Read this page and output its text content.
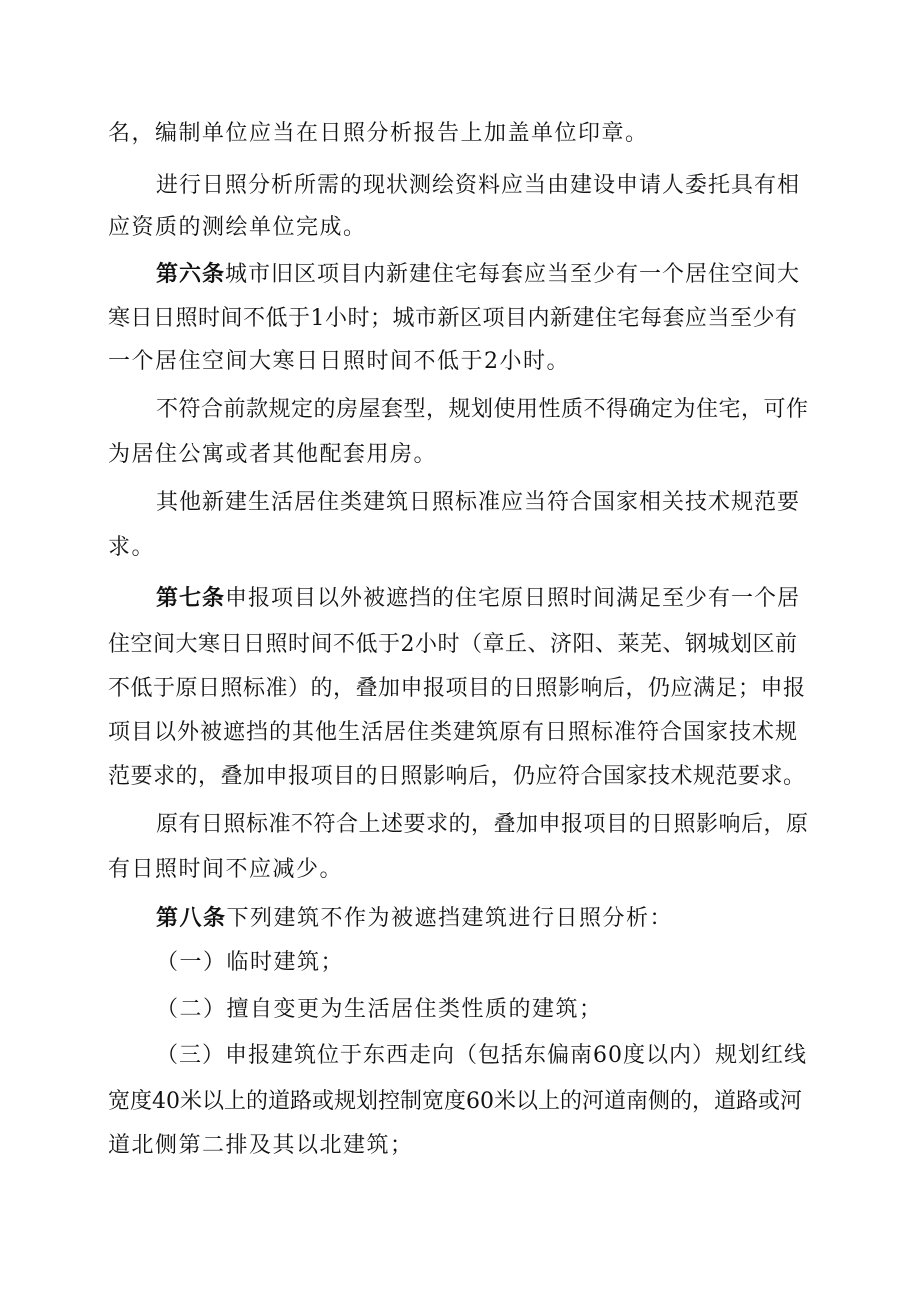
名，编制单位应当在日照分析报告上加盖单位印章。
进行日照分析所需的现状测绘资料应当由建设申请人委托具有相
应资质的测绘单位完成。
第六条城市旧区项目内新建住宅每套应当至少有一个居住空间大
寒日日照时间不低于1小时；城市新区项目内新建住宅每套应当至少有
一个居住空间大寒日日照时间不低于2小时。
不符合前款规定的房屋套型，规划使用性质不得确定为住宅，可作
为居住公寓或者其他配套用房。
其他新建生活居住类建筑日照标准应当符合国家相关技术规范要
求。
第七条申报项目以外被遮挡的住宅原日照时间满足至少有一个居
住空间大寒日日照时间不低于2小时（章丘、济阳、莱芜、钢城划区前
不低于原日照标准）的，叠加申报项目的日照影响后，仍应满足；申报
项目以外被遮挡的其他生活居住类建筑原有日照标准符合国家技术规
范要求的，叠加申报项目的日照影响后，仍应符合国家技术规范要求。
原有日照标准不符合上述要求的，叠加申报项目的日照影响后，原
有日照时间不应减少。
第八条下列建筑不作为被遮挡建筑进行日照分析：
（一）临时建筑；
（二）擅自变更为生活居住类性质的建筑；
（三）申报建筑位于东西走向（包括东偏南60度以内）规划红线
宽度40米以上的道路或规划控制宽度60米以上的河道南侧的，道路或河
道北侧第二排及其以北建筑；
